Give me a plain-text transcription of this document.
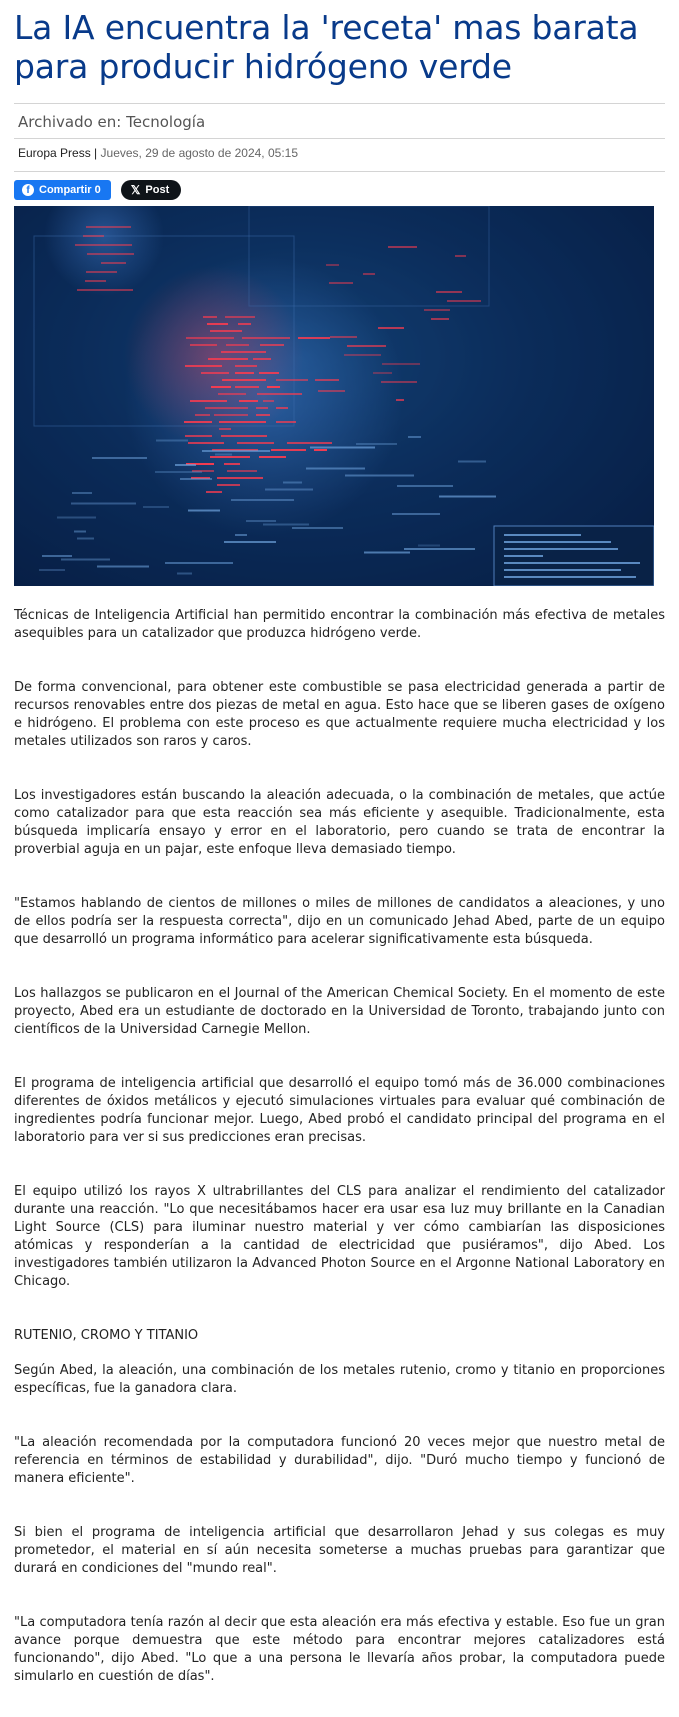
La IA encuentra la 'receta' mas barata para producir hidrógeno verde
Archivado en: Tecnología
Europa Press | Jueves, 29 de agosto de 2024, 05:15
f Compartir 0	𝕏 Post

Técnicas de Inteligencia Artificial han permitido encontrar la combinación más efectiva de metales asequibles para un catalizador que produzca hidrógeno verde.

De forma convencional, para obtener este combustible se pasa electricidad generada a partir de recursos renovables entre dos piezas de metal en agua. Esto hace que se liberen gases de oxígeno e hidrógeno. El problema con este proceso es que actualmente requiere mucha electricidad y los metales utilizados son raros y caros.

Los investigadores están buscando la aleación adecuada, o la combinación de metales, que actúe como catalizador para que esta reacción sea más eficiente y asequible. Tradicionalmente, esta búsqueda implicaría ensayo y error en el laboratorio, pero cuando se trata de encontrar la proverbial aguja en un pajar, este enfoque lleva demasiado tiempo.

"Estamos hablando de cientos de millones o miles de millones de candidatos a aleaciones, y uno de ellos podría ser la respuesta correcta", dijo en un comunicado Jehad Abed, parte de un equipo que desarrolló un programa informático para acelerar significativamente esta búsqueda.

Los hallazgos se publicaron en el Journal of the American Chemical Society. En el momento de este proyecto, Abed era un estudiante de doctorado en la Universidad de Toronto, trabajando junto con científicos de la Universidad Carnegie Mellon.

El programa de inteligencia artificial que desarrolló el equipo tomó más de 36.000 combinaciones diferentes de óxidos metálicos y ejecutó simulaciones virtuales para evaluar qué combinación de ingredientes podría funcionar mejor. Luego, Abed probó el candidato principal del programa en el laboratorio para ver si sus predicciones eran precisas.

El equipo utilizó los rayos X ultrabrillantes del CLS para analizar el rendimiento del catalizador durante una reacción. "Lo que necesitábamos hacer era usar esa luz muy brillante en la Canadian Light Source (CLS) para iluminar nuestro material y ver cómo cambiarían las disposiciones atómicas y responderían a la cantidad de electricidad que pusiéramos", dijo Abed. Los investigadores también utilizaron la Advanced Photon Source en el Argonne National Laboratory en Chicago.

RUTENIO, CROMO Y TITANIO

Según Abed, la aleación, una combinación de los metales rutenio, cromo y titanio en proporciones específicas, fue la ganadora clara.

"La aleación recomendada por la computadora funcionó 20 veces mejor que nuestro metal de referencia en términos de estabilidad y durabilidad", dijo. "Duró mucho tiempo y funcionó de manera eficiente".

Si bien el programa de inteligencia artificial que desarrollaron Jehad y sus colegas es muy prometedor, el material en sí aún necesita someterse a muchas pruebas para garantizar que durará en condiciones del "mundo real".

"La computadora tenía razón al decir que esta aleación era más efectiva y estable. Eso fue un gran avance porque demuestra que este método para encontrar mejores catalizadores está funcionando", dijo Abed. "Lo que a una persona le llevaría años probar, la computadora puede simularlo en cuestión de días".
